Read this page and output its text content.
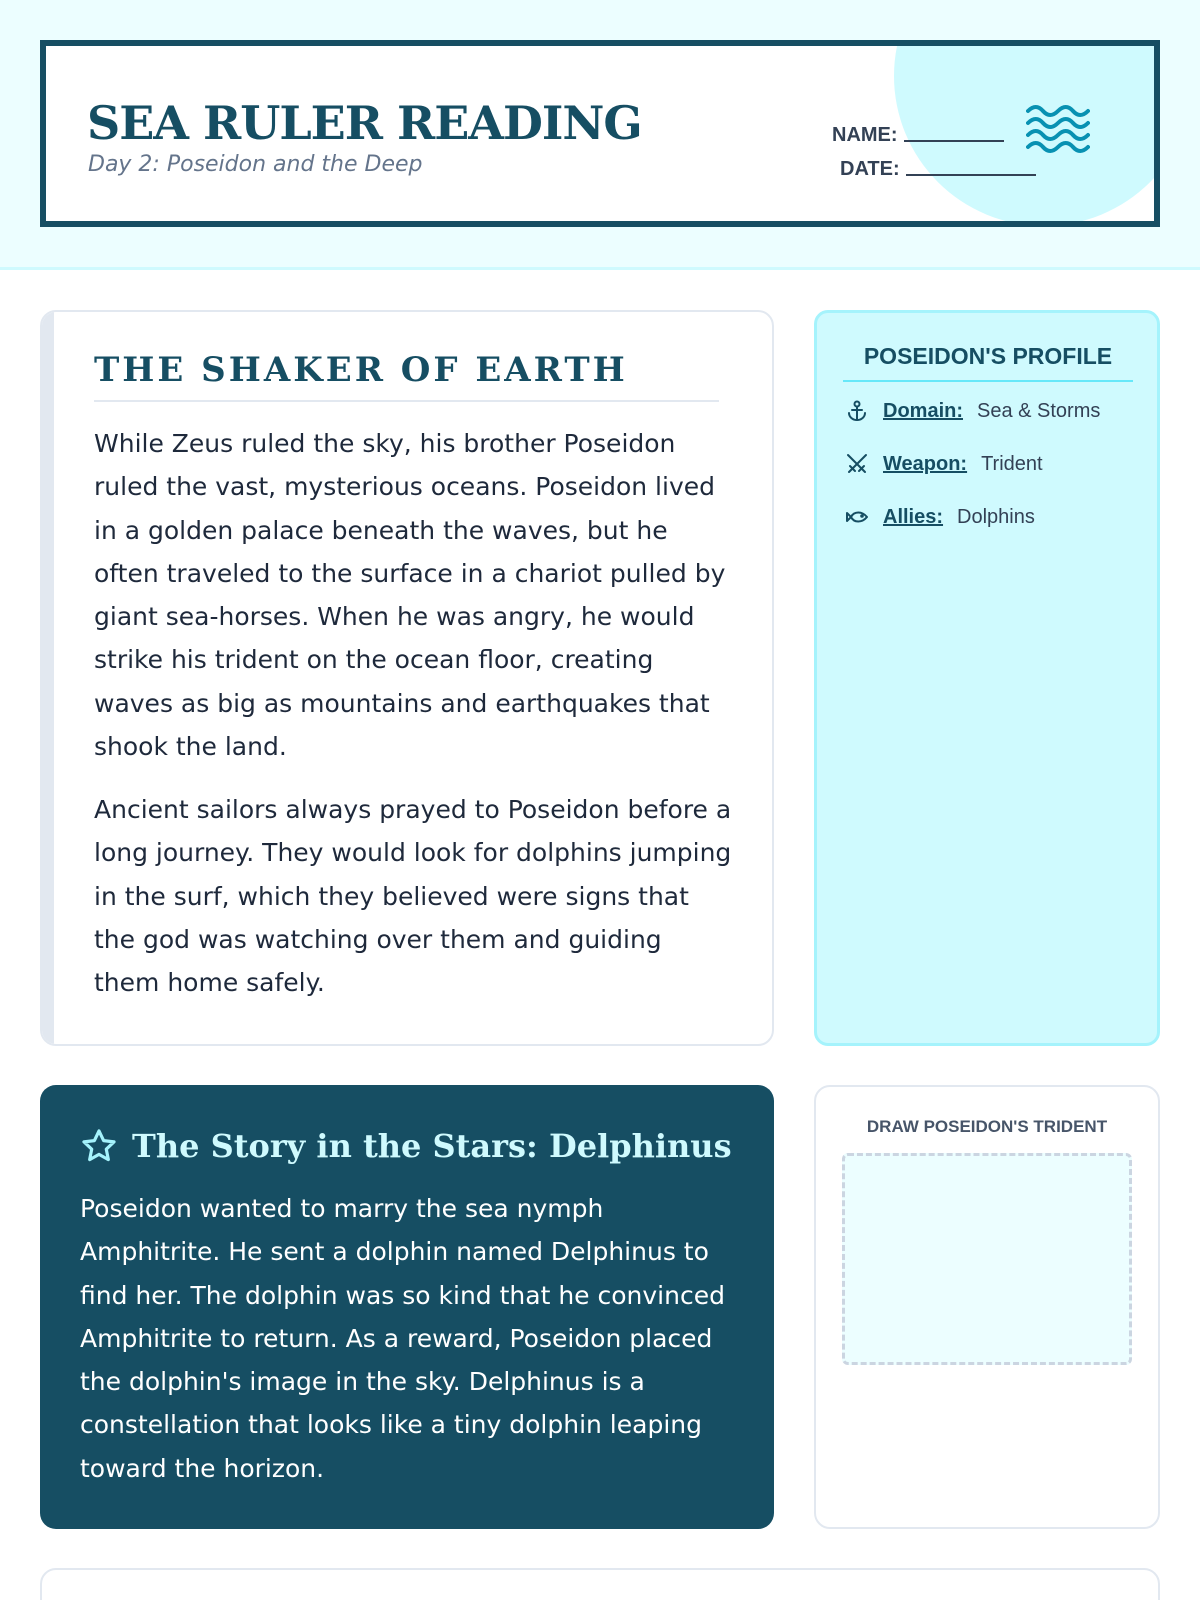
SEA RULER READING
Day 2: Poseidon and the Deep
NAME:
DATE:
THE SHAKER OF EARTH

While Zeus ruled the sky, his brother Poseidon ruled the vast, mysterious oceans. Poseidon lived in a golden palace beneath the waves, but he often traveled to the surface in a chariot pulled by giant sea-horses. When he was angry, he would strike his trident on the ocean floor, creating waves as big as mountains and earthquakes that shook the land.

Ancient sailors always prayed to Poseidon before a long journey. They would look for dolphins jumping in the surf, which they believed were signs that the god was watching over them and guiding them home safely.

POSEIDON'S PROFILE
Domain: Sea & Storms
Weapon: Trident
Allies: Dolphins
The Story in the Stars: Delphinus

Poseidon wanted to marry the sea nymph Amphitrite. He sent a dolphin named Delphinus to find her. The dolphin was so kind that he convinced Amphitrite to return. As a reward, Poseidon placed the dolphin's image in the sky. Delphinus is a constellation that looks like a tiny dolphin leaping toward the horizon.

DRAW POSEIDON'S TRIDENT
